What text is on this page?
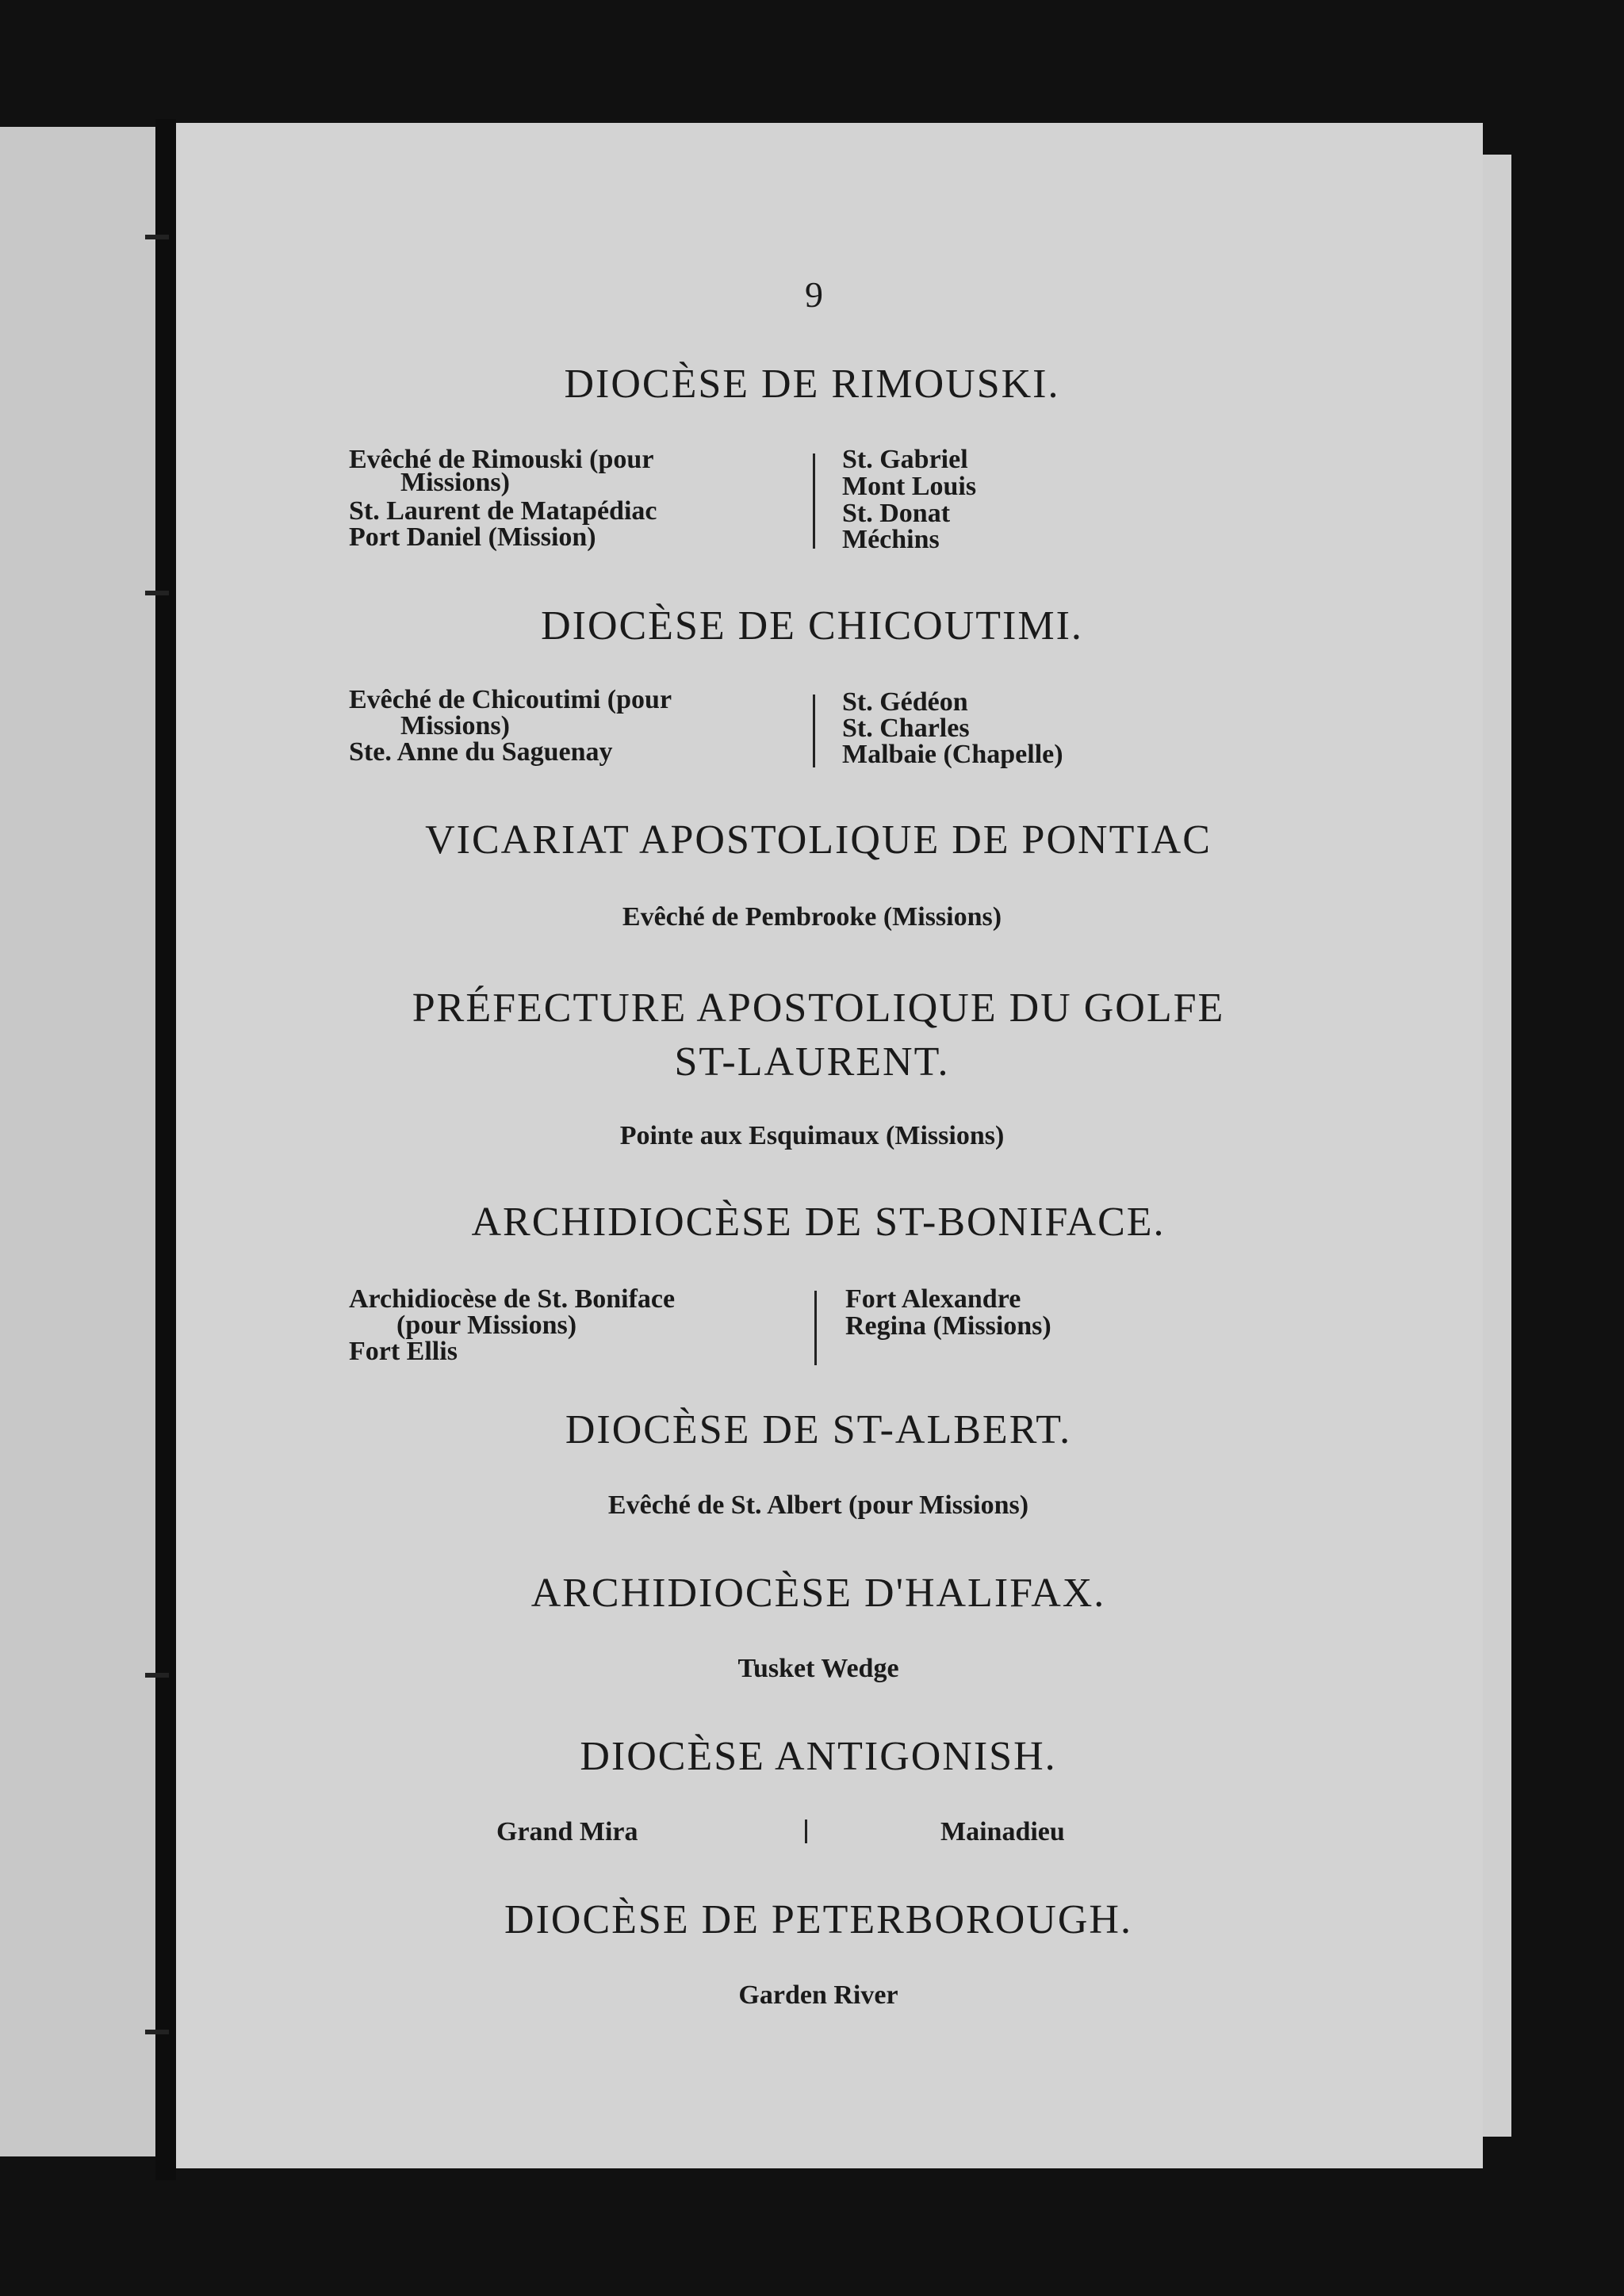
9
DIOCÈSE DE RIMOUSKI.
Evêché de Rimouski (pour
Missions)
St. Laurent de Matapédiac
Port Daniel (Mission)
St. Gabriel
Mont Louis
St. Donat
Méchins
DIOCÈSE DE CHICOUTIMI.
Evêché de Chicoutimi (pour
Missions)
Ste. Anne du Saguenay
St. Gédéon
St. Charles
Malbaie (Chapelle)
VICARIAT APOSTOLIQUE DE PONTIAC
Evêché de Pembrooke (Missions)
PRÉFECTURE APOSTOLIQUE DU GOLFE
ST-LAURENT.
Pointe aux Esquimaux (Missions)
ARCHIDIOCÈSE DE ST-BONIFACE.
Archidiocèse de St. Boniface
(pour Missions)
Fort Ellis
Fort Alexandre
Regina (Missions)
DIOCÈSE DE ST-ALBERT.
Evêché de St. Albert (pour Missions)
ARCHIDIOCÈSE D'HALIFAX.
Tusket Wedge
DIOCÈSE ANTIGONISH.
Grand Mira	Mainadieu
DIOCÈSE DE PETERBOROUGH.
Garden River
